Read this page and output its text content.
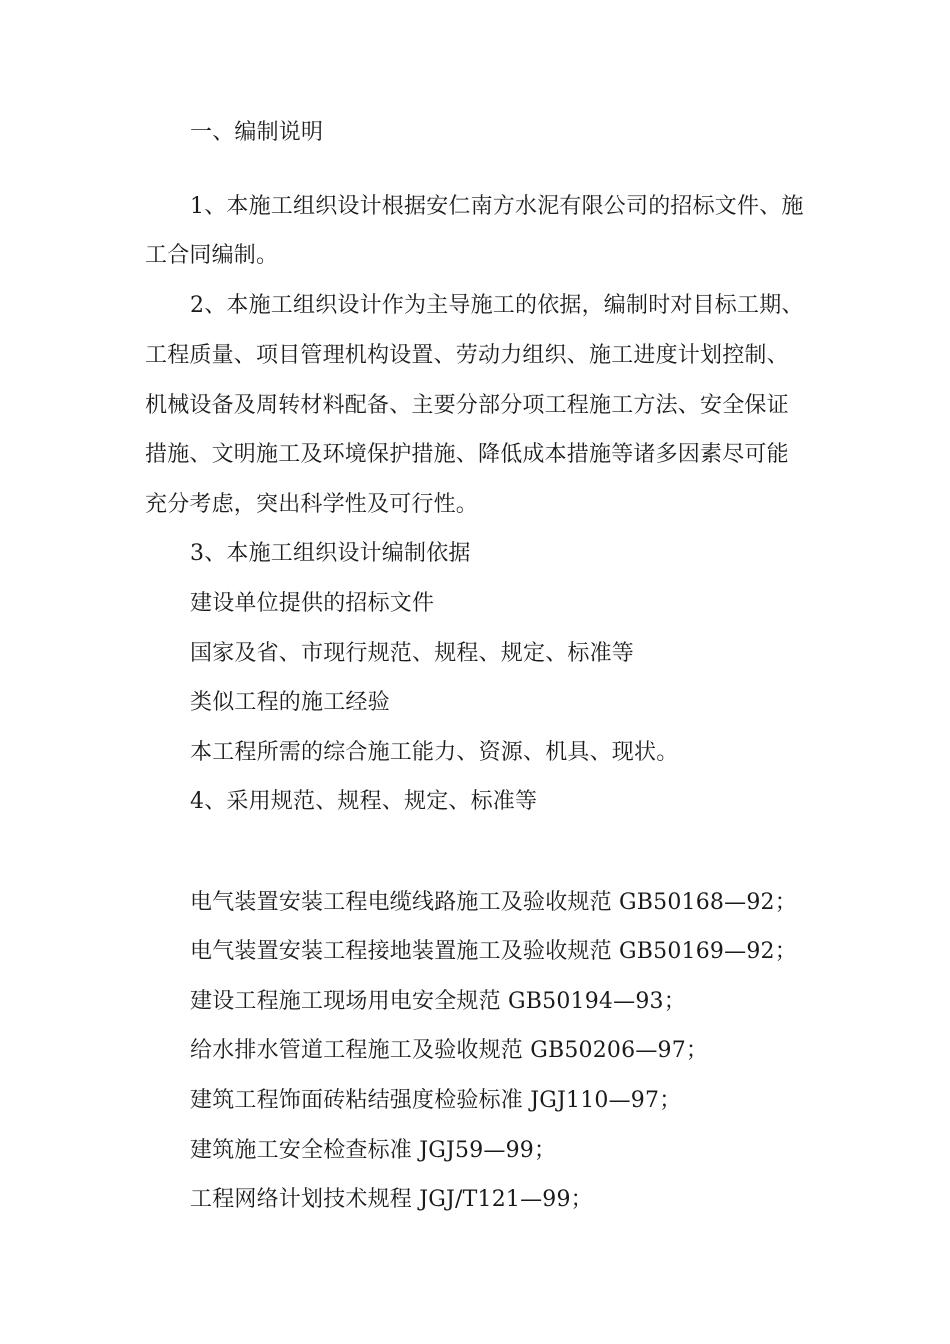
一、编制说明
1、本施工组织设计根据安仁南方水泥有限公司的招标文件、施
工合同编制。
2、本施工组织设计作为主导施工的依据，编制时对目标工期、
工程质量、项目管理机构设置、劳动力组织、施工进度计划控制、
机械设备及周转材料配备、主要分部分项工程施工方法、安全保证
措施、文明施工及环境保护措施、降低成本措施等诸多因素尽可能
充分考虑，突出科学性及可行性。
3、本施工组织设计编制依据
建设单位提供的招标文件
国家及省、市现行规范、规程、规定、标准等
类似工程的施工经验
本工程所需的综合施工能力、资源、机具、现状。
4、采用规范、规程、规定、标准等
电气装置安装工程电缆线路施工及验收规范 GB50168—92；
电气装置安装工程接地装置施工及验收规范 GB50169—92；
建设工程施工现场用电安全规范 GB50194—93；
给水排水管道工程施工及验收规范 GB50206—97；
建筑工程饰面砖粘结强度检验标准 JGJ110—97；
建筑施工安全检查标准 JGJ59—99；
工程网络计划技术规程 JGJ/T121—99；
